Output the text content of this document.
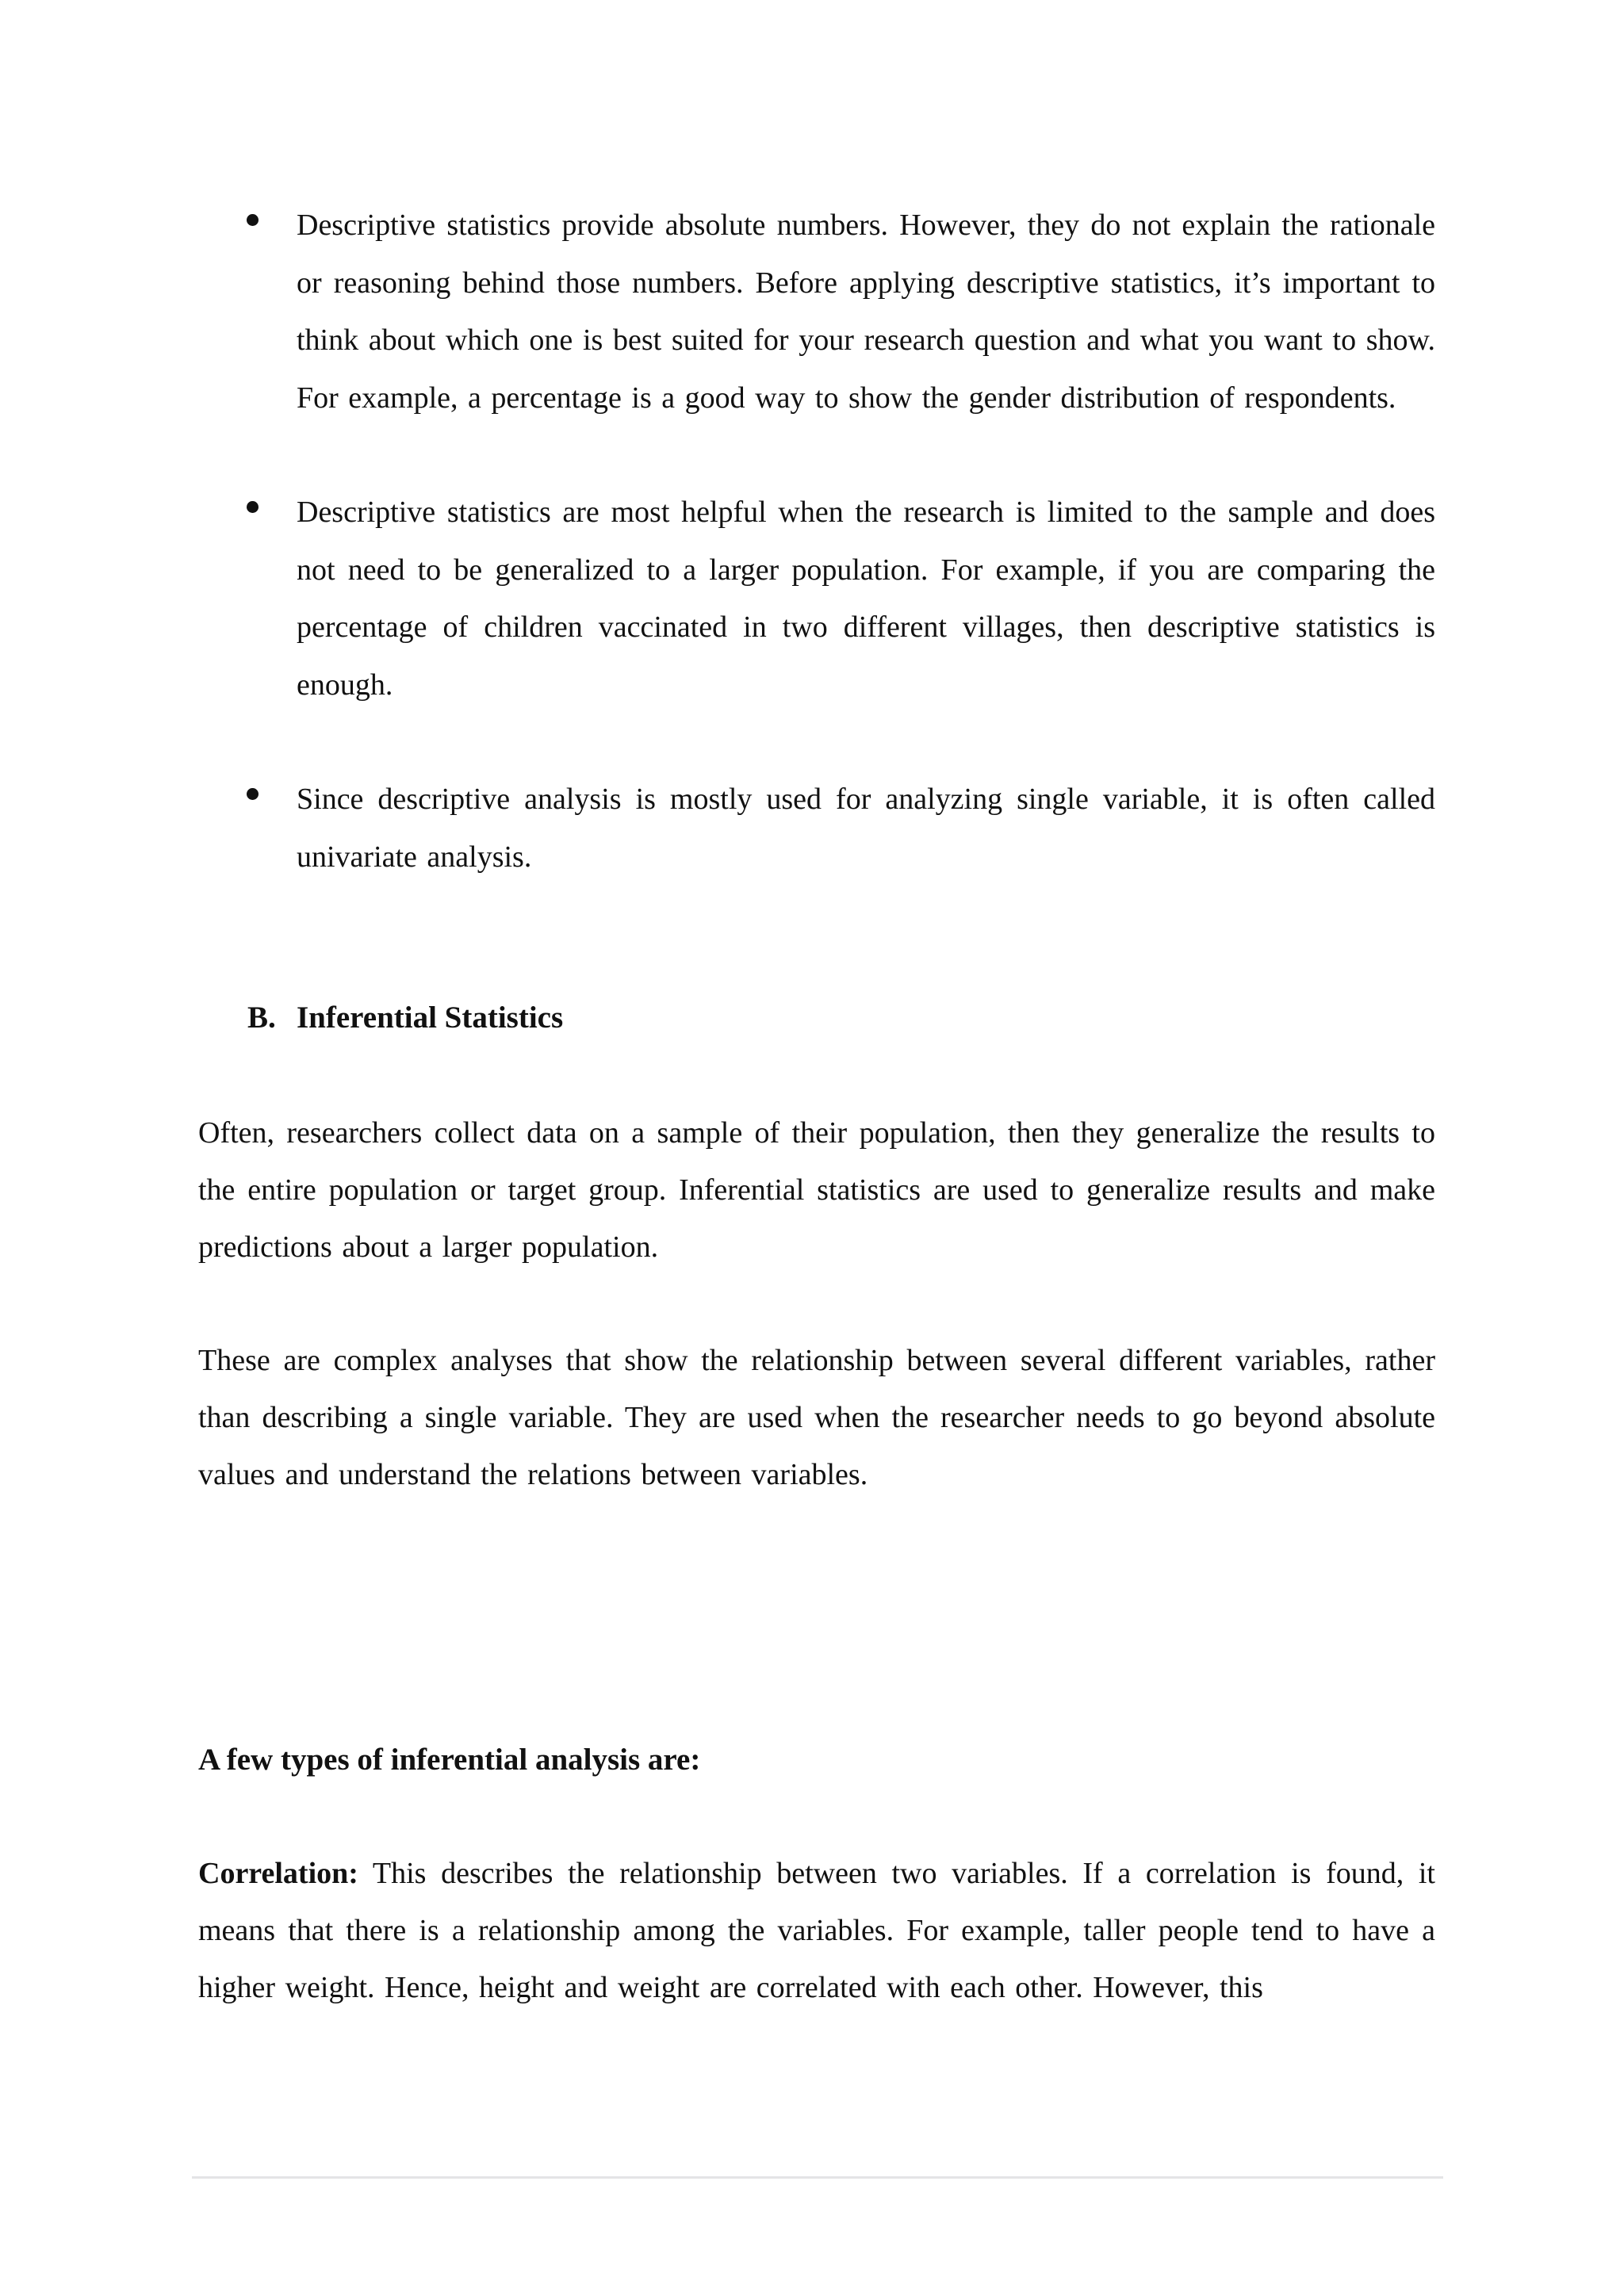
Descriptive statistics provide absolute numbers. However, they do not explain the rationale or reasoning behind those numbers. Before applying descriptive statistics, it’s important to think about which one is best suited for your research question and what you want to show. For example, a percentage is a good way to show the gender distribution of respondents.

Descriptive statistics are most helpful when the research is limited to the sample and does not need to be generalized to a larger population. For example, if you are comparing the percentage of children vaccinated in two different villages, then descriptive statistics is enough.

Since descriptive analysis is mostly used for analyzing single variable, it is often called univariate analysis.

B. Inferential Statistics

Often, researchers collect data on a sample of their population, then they generalize the results to the entire population or target group. Inferential statistics are used to generalize results and make predictions about a larger population.

These are complex analyses that show the relationship between several different variables, rather than describing a single variable. They are used when the researcher needs to go beyond absolute values and understand the relations between variables.

A few types of inferential analysis are:

Correlation: This describes the relationship between two variables. If a correlation is found, it means that there is a relationship among the variables. For example, taller people tend to have a higher weight. Hence, height and weight are correlated with each other. However, this
